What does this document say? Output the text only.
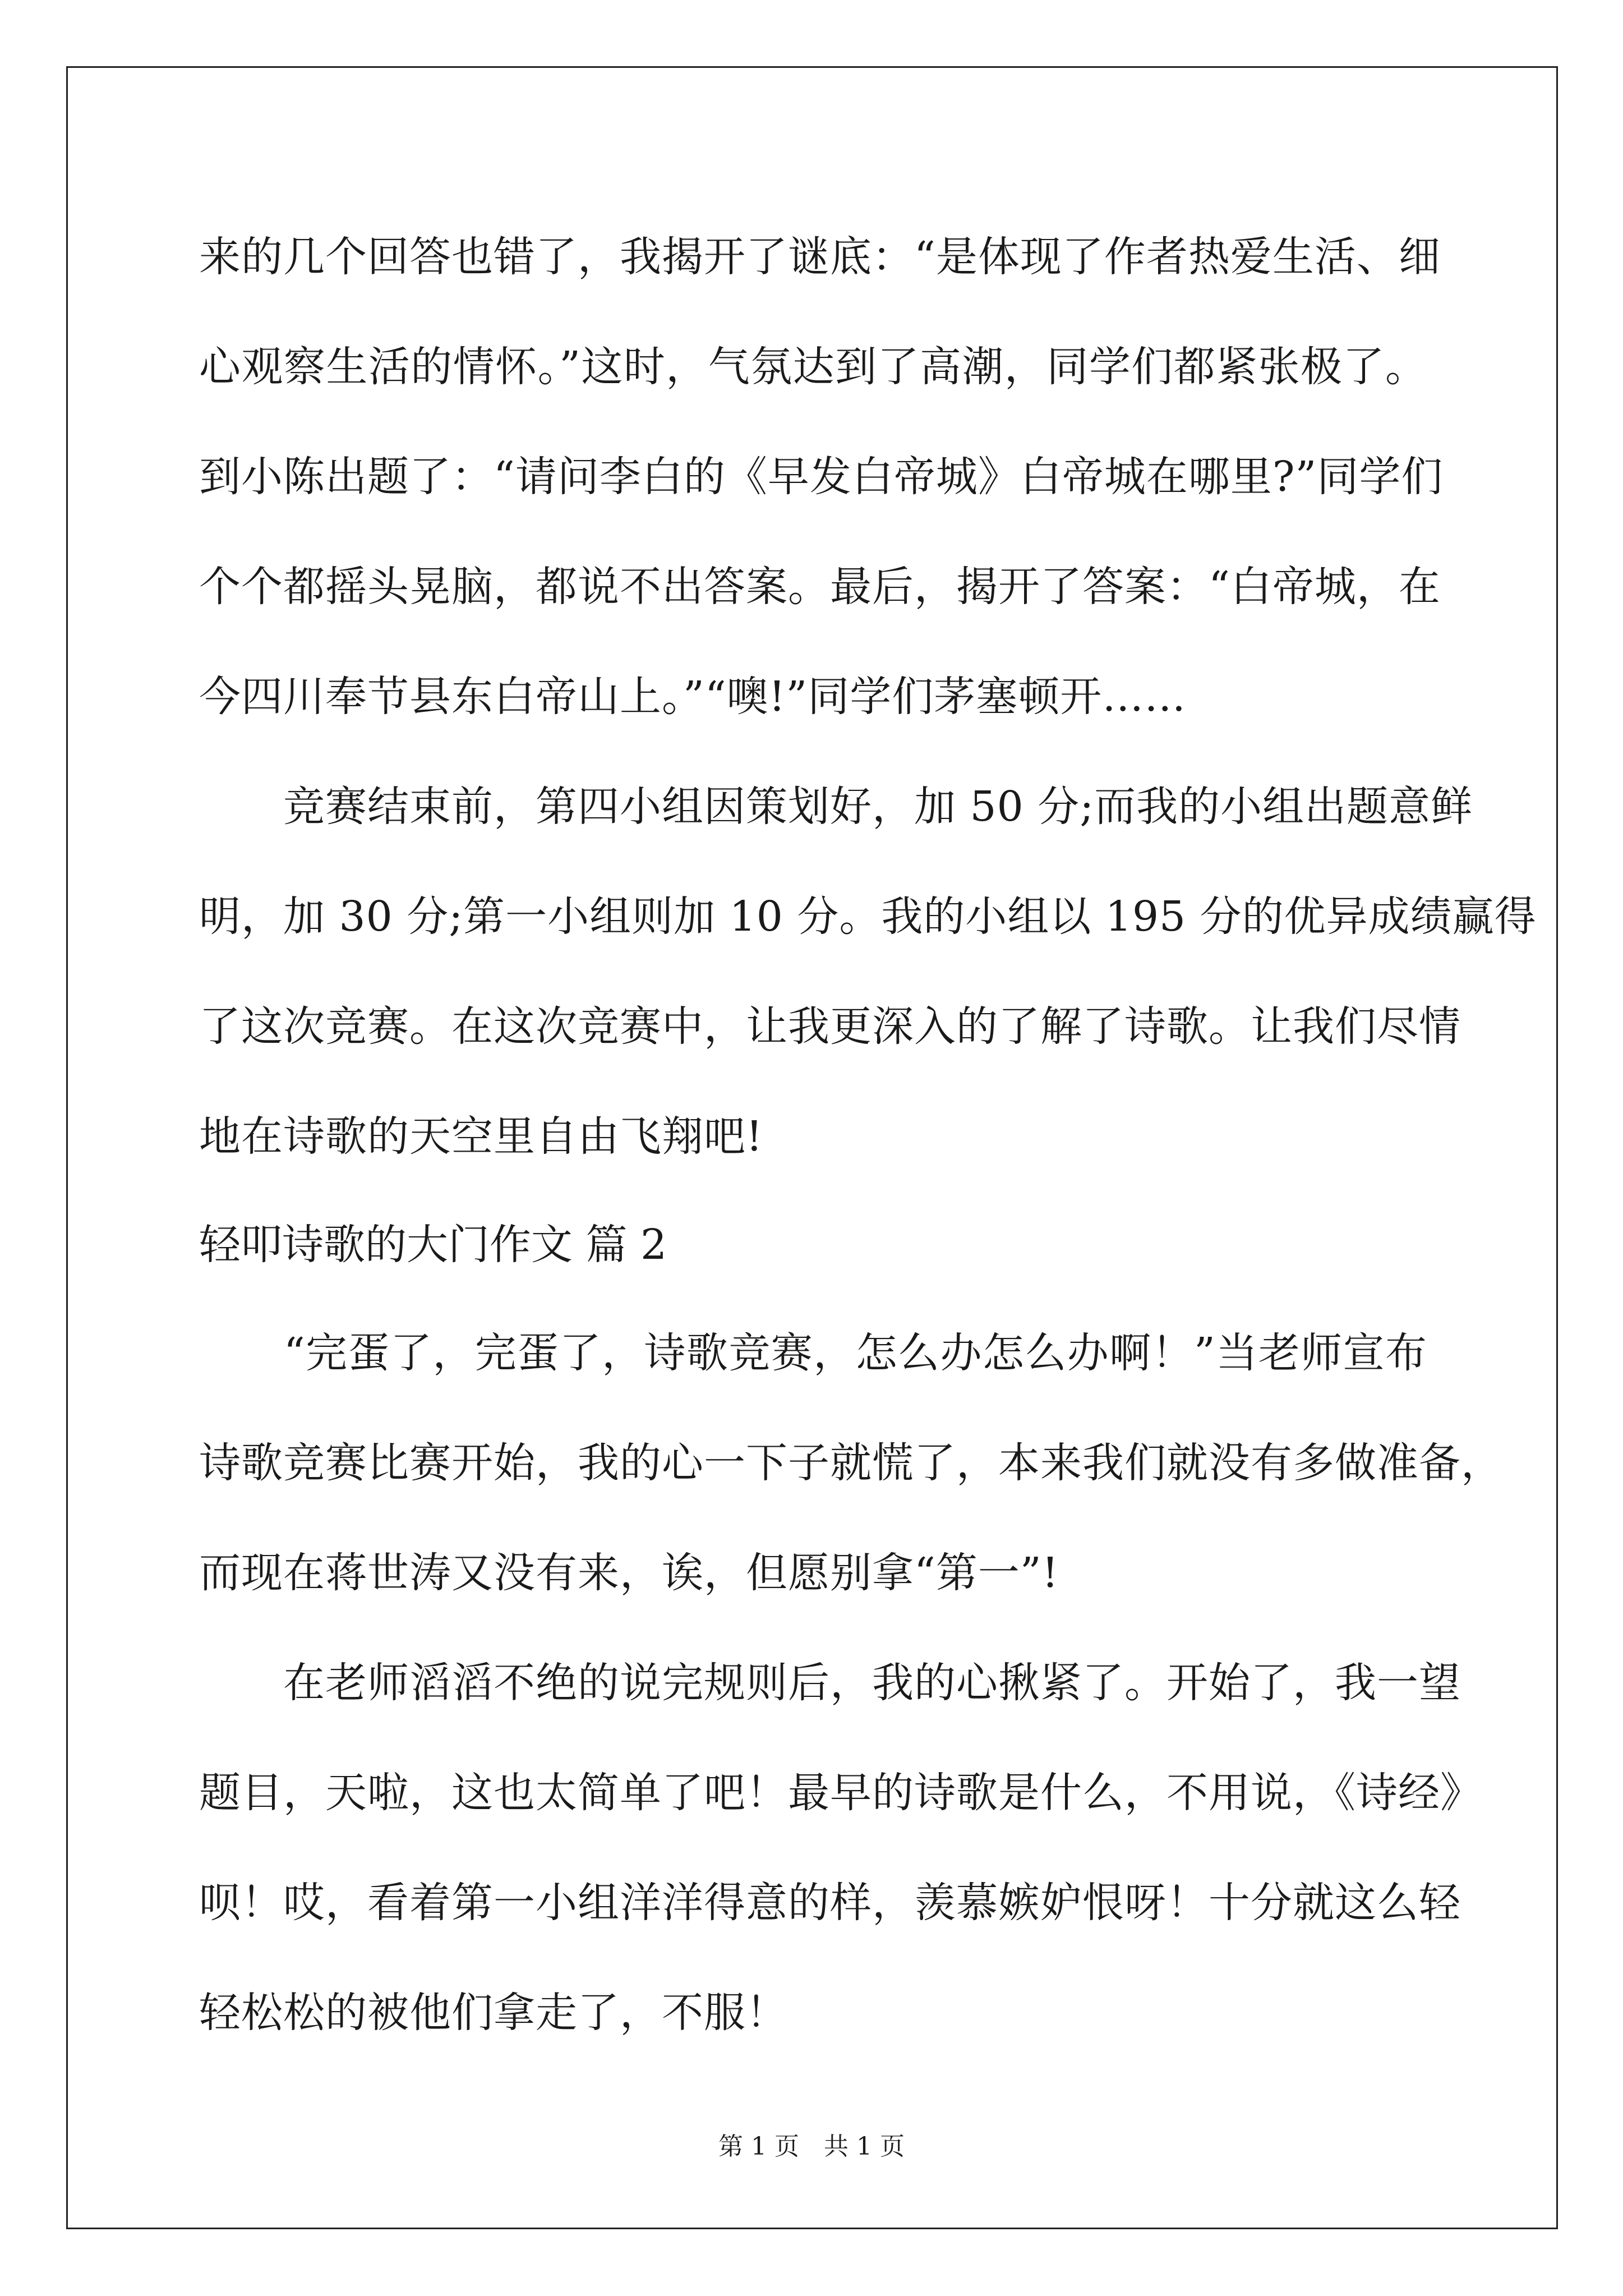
来的几个回答也错了，我揭开了谜底：“是体现了作者热爱生活、细
心观察生活的情怀。”这时，气氛达到了高潮，同学们都紧张极了。
到小陈出题了：“请问李白的《早发白帝城》白帝城在哪里?”同学们
个个都摇头晃脑，都说不出答案。最后，揭开了答案：“白帝城，在
今四川奉节县东白帝山上。”“噢!”同学们茅塞顿开……
　　竞赛结束前，第四小组因策划好，加 50 分;而我的小组出题意鲜
明，加 30 分;第一小组则加 10 分。我的小组以 195 分的优异成绩赢得
了这次竞赛。在这次竞赛中，让我更深入的了解了诗歌。让我们尽情
地在诗歌的天空里自由飞翔吧!
轻叩诗歌的大门作文 篇 2
　　“完蛋了，完蛋了，诗歌竞赛，怎么办怎么办啊！”当老师宣布
诗歌竞赛比赛开始，我的心一下子就慌了，本来我们就没有多做准备，
而现在蒋世涛又没有来，诶，但愿别拿“第一”!
　　在老师滔滔不绝的说完规则后，我的心揪紧了。开始了，我一望
题目，天啦，这也太简单了吧！最早的诗歌是什么，不用说，《诗经》
呗！哎，看着第一小组洋洋得意的样，羡慕嫉妒恨呀！十分就这么轻
轻松松的被他们拿走了，不服！
第 1 页　共 1 页
